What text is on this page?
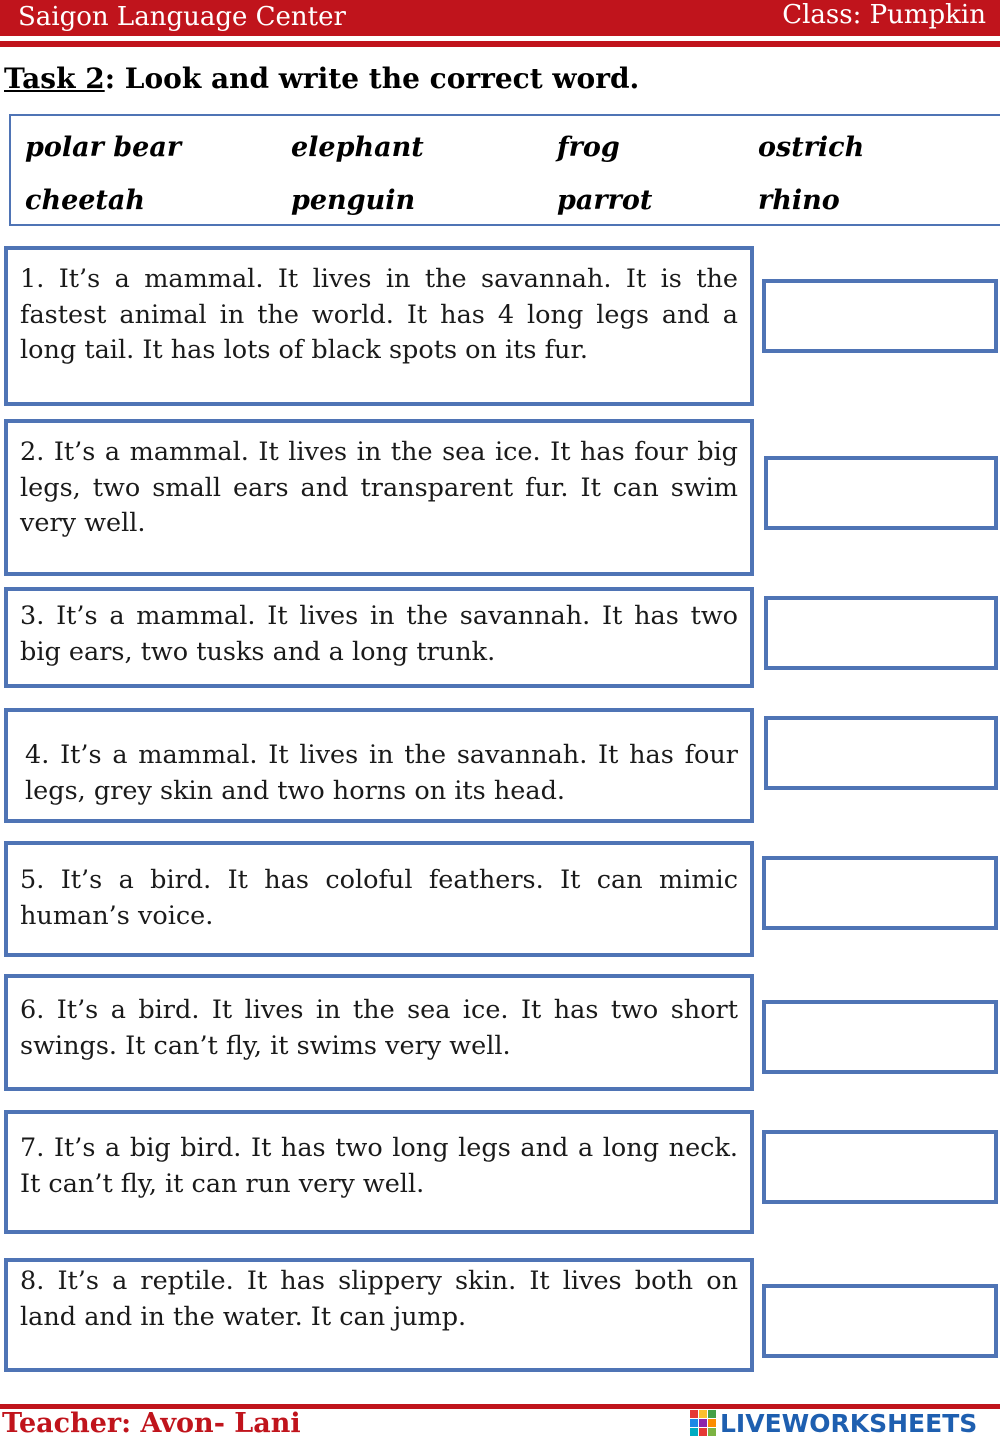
Saigon Language Center	Class: Pumpkin
Task 2: Look and write the correct word.
polar bear	elephant	frog	ostrich
cheetah	penguin	parrot	rhino
1. It’s a mammal. It lives in the savannah. It is the fastest animal in the world. It has 4 long legs and a long tail. It has lots of black spots on its fur.
2. It’s a mammal. It lives in the sea ice. It has four big legs, two small ears and transparent fur. It can swim very well.
3. It’s a mammal. It lives in the savannah. It has two big ears, two tusks and a long trunk.
4. It’s a mammal. It lives in the savannah. It has four legs, grey skin and two horns on its head.
5. It’s a bird. It has coloful feathers. It can mimic human’s voice.
6. It’s a bird. It lives in the sea ice. It has two short swings. It can’t fly, it swims very well.
7. It’s a big bird. It has two long legs and a long neck. It can’t fly, it can run very well.
8. It’s a reptile. It has slippery skin. It lives both on land and in the water. It can jump.
Teacher: Avon- Lani	LIVEWORKSHEETS
